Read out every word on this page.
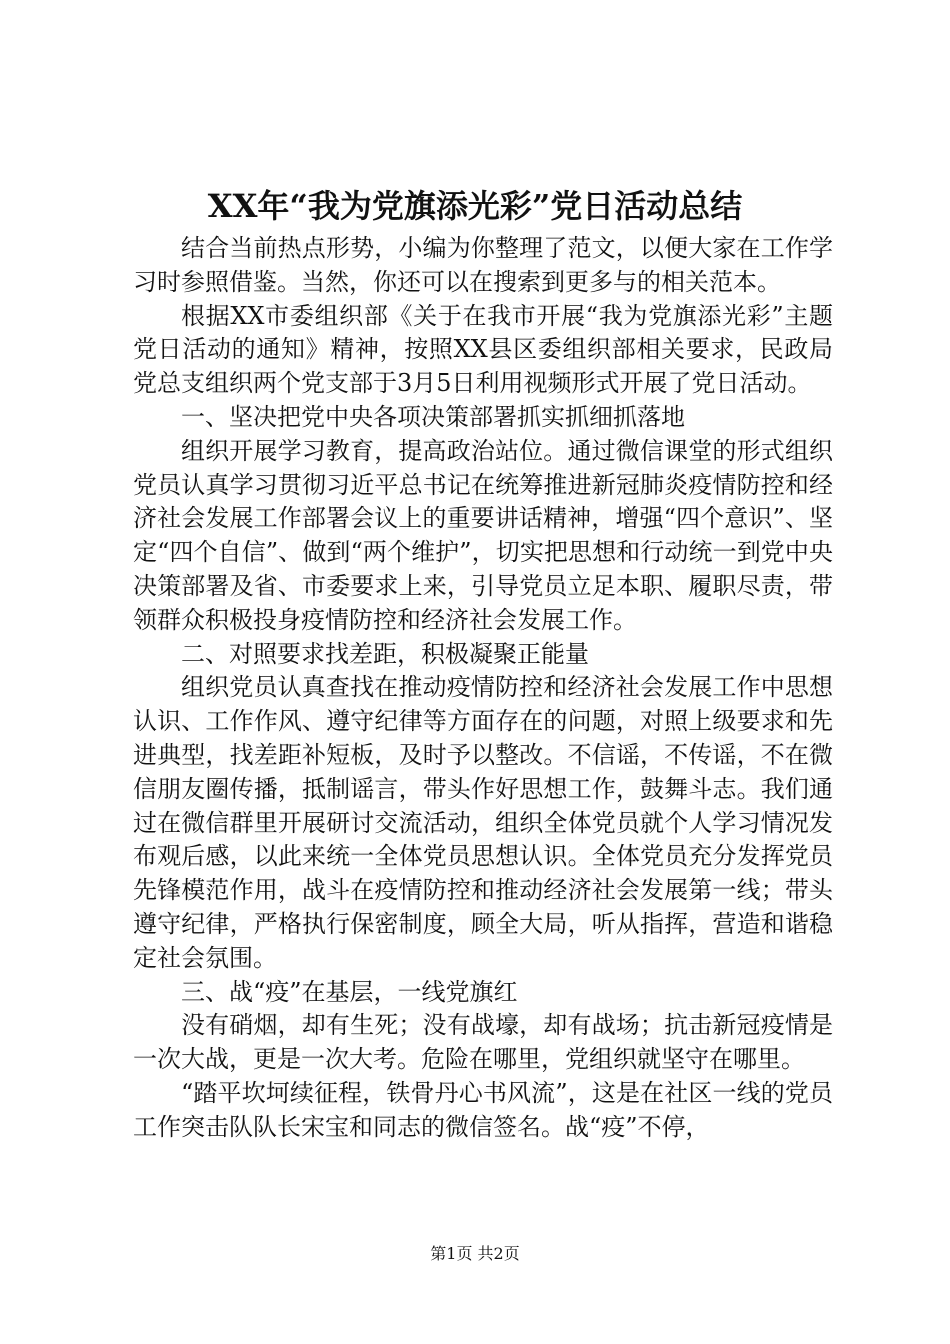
XX年“我为党旗添光彩”党日活动总结

结合当前热点形势，小编为你整理了范文，以便大家在工作学习时参照借鉴。当然，你还可以在搜索到更多与的相关范本。

根据XX市委组织部《关于在我市开展“我为党旗添光彩”主题党日活动的通知》精神，按照XX县区委组织部相关要求，民政局党总支组织两个党支部于3月5日利用视频形式开展了党日活动。

一、坚决把党中央各项决策部署抓实抓细抓落地

组织开展学习教育，提高政治站位。通过微信课堂的形式组织党员认真学习贯彻习近平总书记在统筹推进新冠肺炎疫情防控和经济社会发展工作部署会议上的重要讲话精神，增强“四个意识”、坚定“四个自信”、做到“两个维护”，切实把思想和行动统一到党中央决策部署及省、市委要求上来，引导党员立足本职、履职尽责，带领群众积极投身疫情防控和经济社会发展工作。

二、对照要求找差距，积极凝聚正能量

组织党员认真查找在推动疫情防控和经济社会发展工作中思想认识、工作作风、遵守纪律等方面存在的问题，对照上级要求和先进典型，找差距补短板，及时予以整改。不信谣，不传谣，不在微信朋友圈传播，抵制谣言，带头作好思想工作，鼓舞斗志。我们通过在微信群里开展研讨交流活动，组织全体党员就个人学习情况发布观后感，以此来统一全体党员思想认识。全体党员充分发挥党员先锋模范作用，战斗在疫情防控和推动经济社会发展第一线；带头遵守纪律，严格执行保密制度，顾全大局，听从指挥，营造和谐稳定社会氛围。

三、战“疫”在基层，一线党旗红

没有硝烟，却有生死；没有战壕，却有战场；抗击新冠疫情是一次大战，更是一次大考。危险在哪里，党组织就坚守在哪里。

“踏平坎坷续征程，铁骨丹心书风流”，这是在社区一线的党员工作突击队队长宋宝和同志的微信签名。战“疫”不停，

第1页 共2页
